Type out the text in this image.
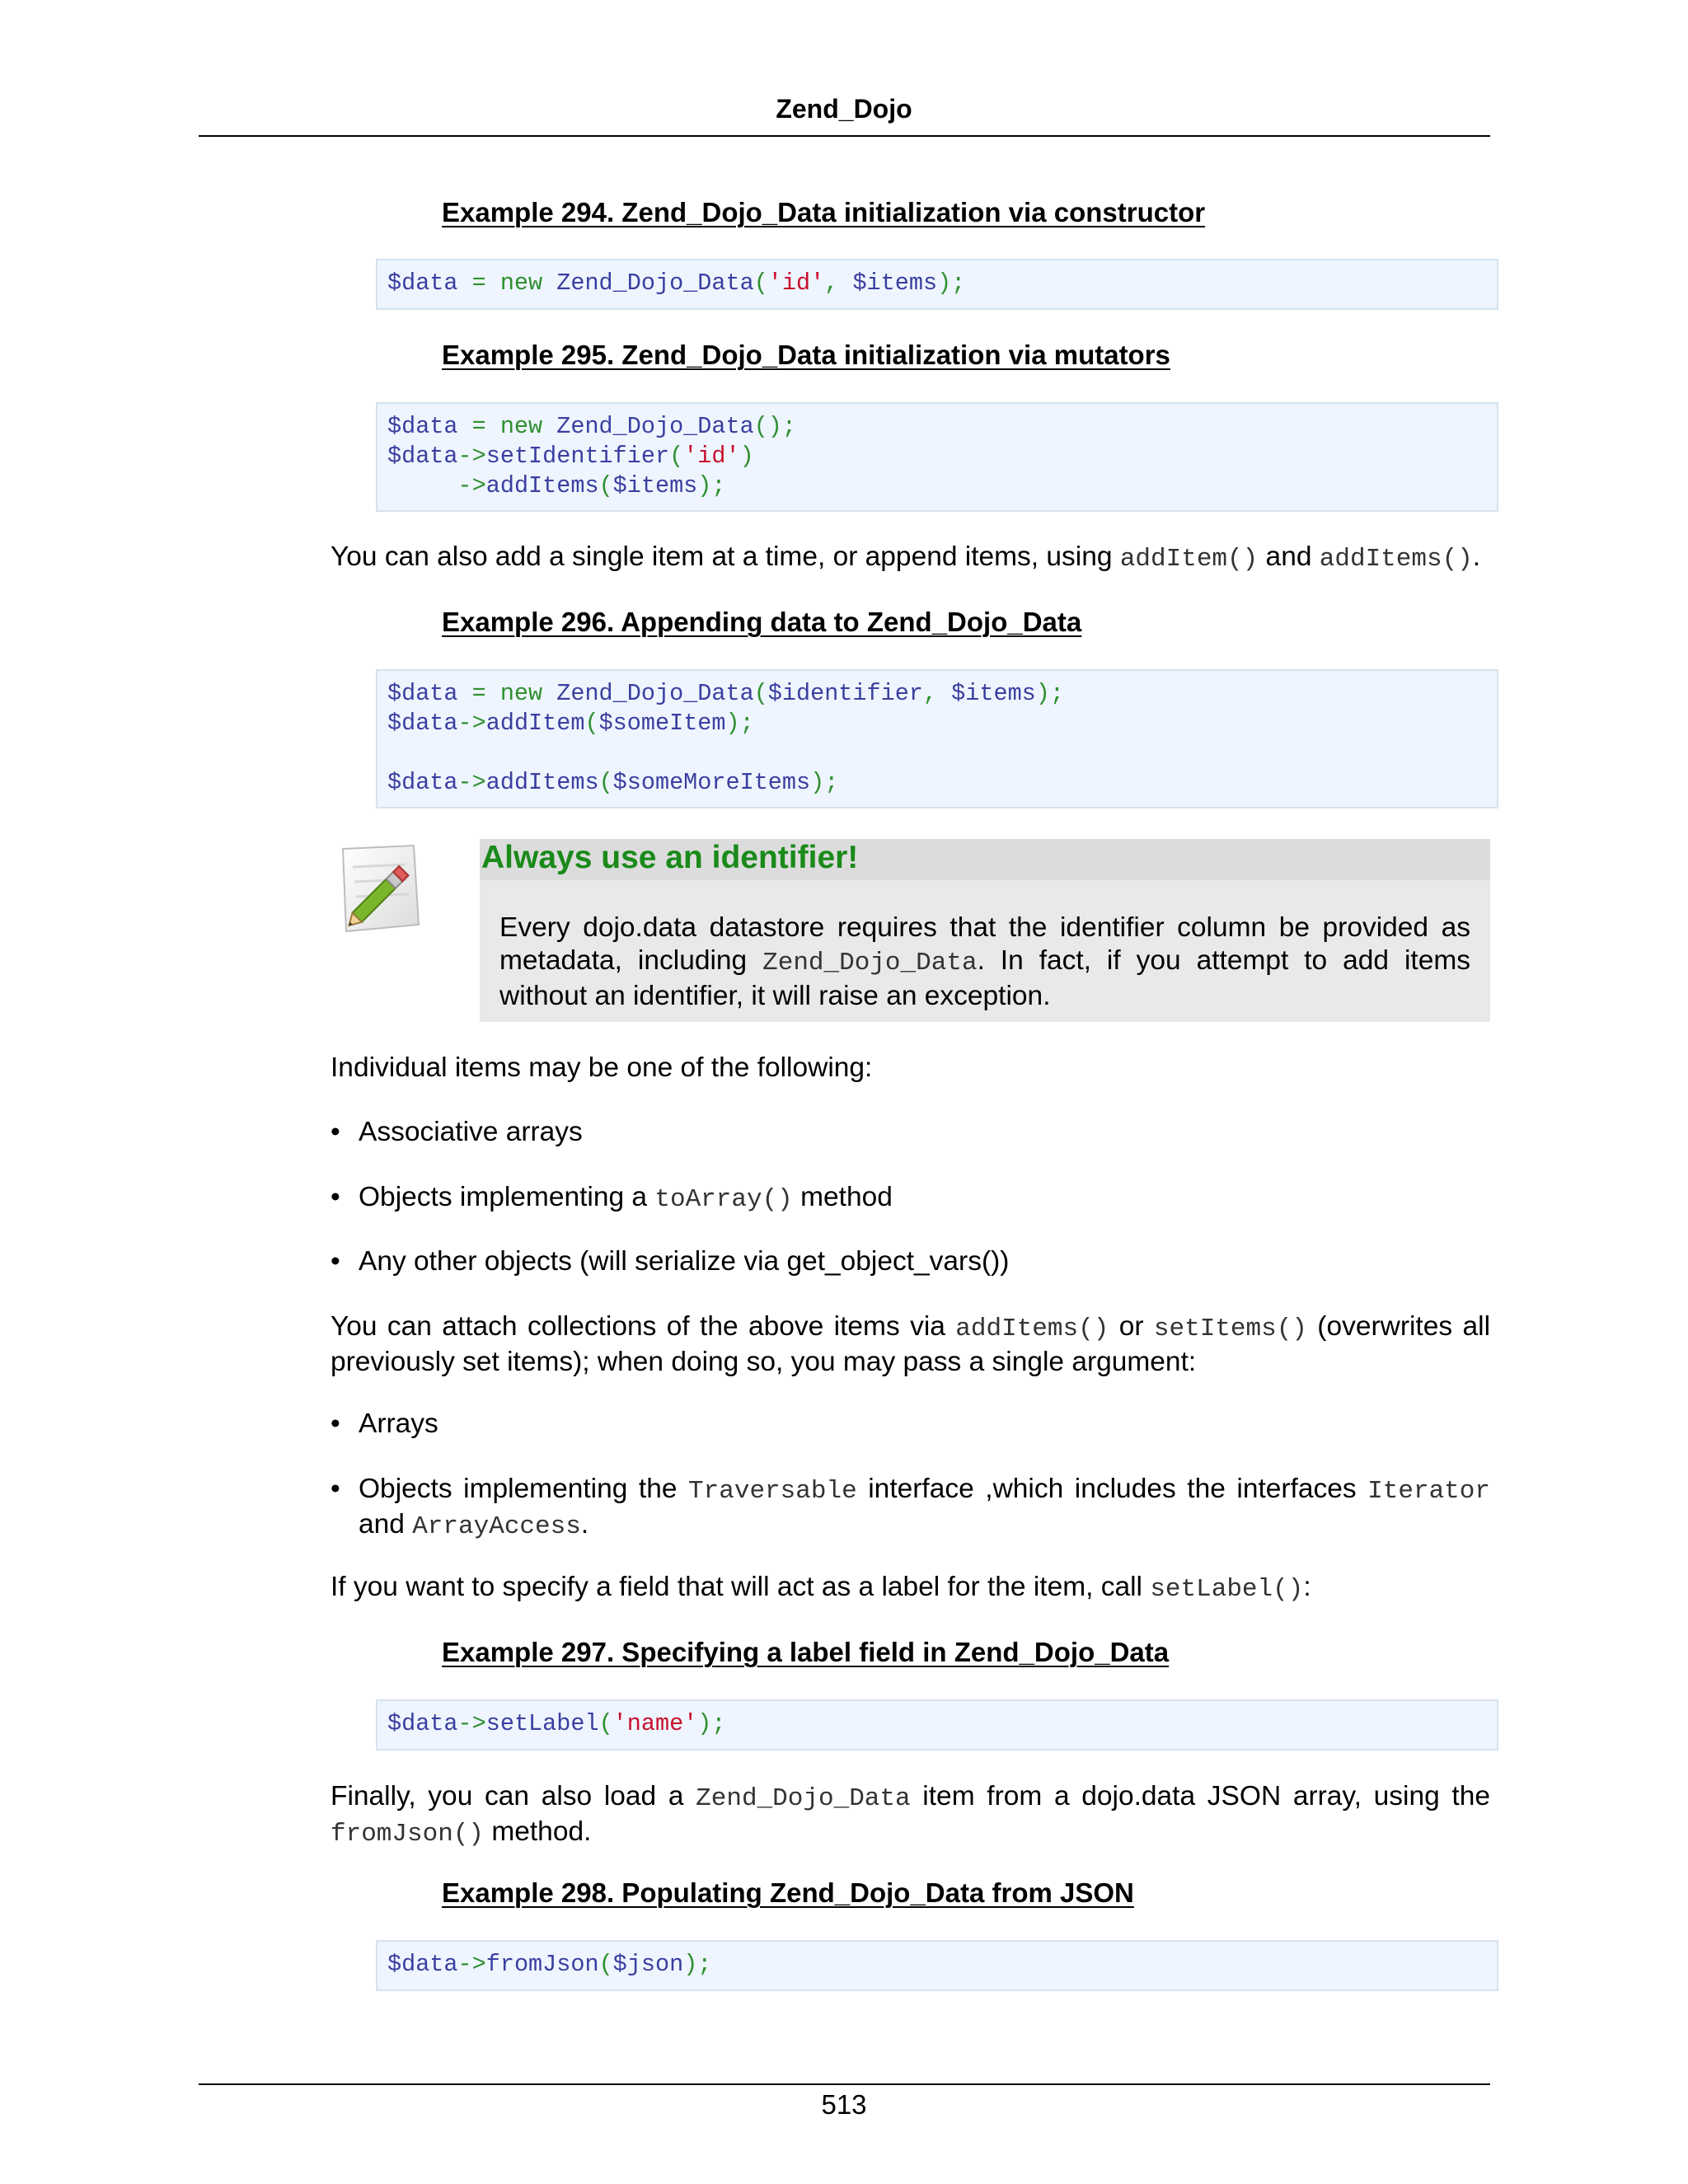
Zend_Dojo
Example 294. Zend_Dojo_Data initialization via constructor
$data = new Zend_Dojo_Data('id', $items);
Example 295. Zend_Dojo_Data initialization via mutators
$data = new Zend_Dojo_Data();
$data->setIdentifier('id')
->addItems($items);
You can also add a single item at a time, or append items, using addItem() and addItems().
Example 296. Appending data to Zend_Dojo_Data
$data = new Zend_Dojo_Data($identifier, $items);
$data->addItem($someItem);
$data->addItems($someMoreItems);
Always use an identifier!
Every dojo.data datastore requires that the identifier column be provided as metadata, including Zend_Dojo_Data. In fact, if you attempt to add items without an identifier, it will raise an exception.
Individual items may be one of the following:
• Associative arrays
• Objects implementing a toArray() method
• Any other objects (will serialize via get_object_vars())
You can attach collections of the above items via addItems() or setItems() (overwrites all previously set items); when doing so, you may pass a single argument:
• Arrays
• Objects implementing the Traversable interface ,which includes the interfaces Iterator and ArrayAccess.
If you want to specify a field that will act as a label for the item, call setLabel():
Example 297. Specifying a label field in Zend_Dojo_Data
$data->setLabel('name');
Finally, you can also load a Zend_Dojo_Data item from a dojo.data JSON array, using the fromJson() method.
Example 298. Populating Zend_Dojo_Data from JSON
$data->fromJson($json);
513
